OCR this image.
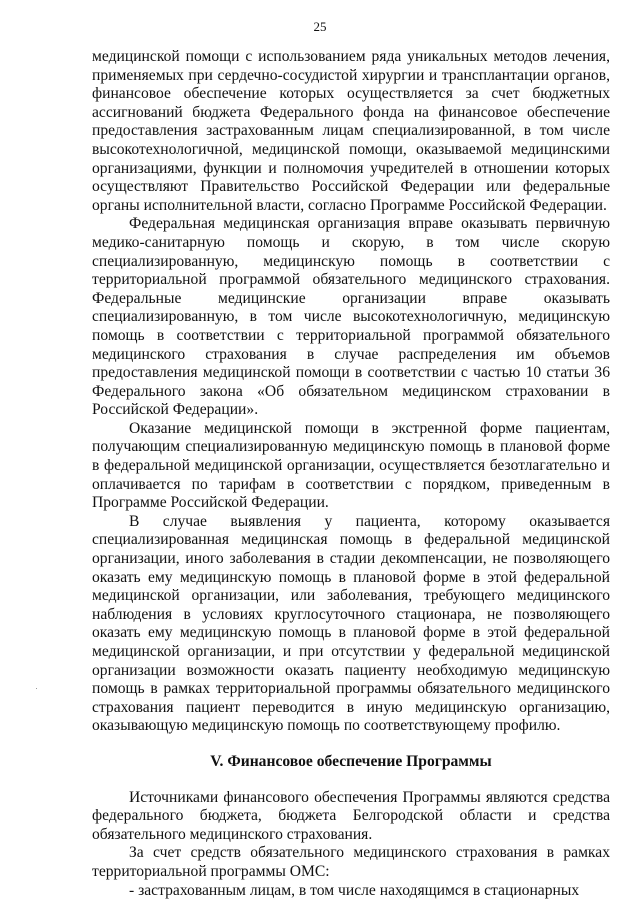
25

медицинской помощи с использованием ряда уникальных методов лечения, применяемых при сердечно-сосудистой хирургии и трансплантации органов, финансовое обеспечение которых осуществляется за счет бюджетных ассигнований бюджета Федерального фонда на финансовое обеспечение предоставления застрахованным лицам специализированной, в том числе высокотехнологичной, медицинской помощи, оказываемой медицинскими организациями, функции и полномочия учредителей в отношении которых осуществляют Правительство Российской Федерации или федеральные органы исполнительной власти, согласно Программе Российской Федерации.

Федеральная медицинская организация вправе оказывать первичную медико-санитарную помощь и скорую, в том числе скорую специализированную, медицинскую помощь в соответствии с территориальной программой обязательного медицинского страхования. Федеральные медицинские организации вправе оказывать специализированную, в том числе высокотехнологичную, медицинскую помощь в соответствии с территориальной программой обязательного медицинского страхования в случае распределения им объемов предоставления медицинской помощи в соответствии с частью 10 статьи 36 Федерального закона «Об обязательном медицинском страховании в Российской Федерации».

Оказание медицинской помощи в экстренной форме пациентам, получающим специализированную медицинскую помощь в плановой форме в федеральной медицинской организации, осуществляется безотлагательно и оплачивается по тарифам в соответствии с порядком, приведенным в Программе Российской Федерации.

В случае выявления у пациента, которому оказывается специализированная медицинская помощь в федеральной медицинской организации, иного заболевания в стадии декомпенсации, не позволяющего оказать ему медицинскую помощь в плановой форме в этой федеральной медицинской организации, или заболевания, требующего медицинского наблюдения в условиях круглосуточного стационара, не позволяющего оказать ему медицинскую помощь в плановой форме в этой федеральной медицинской организации, и при отсутствии у федеральной медицинской организации возможности оказать пациенту необходимую медицинскую помощь в рамках территориальной программы обязательного медицинского страхования пациент переводится в иную медицинскую организацию, оказывающую медицинскую помощь по соответствующему профилю.

V. Финансовое обеспечение Программы

Источниками финансового обеспечения Программы являются средства федерального бюджета, бюджета Белгородской области и средства обязательного медицинского страхования.

За счет средств обязательного медицинского страхования в рамках территориальной программы ОМС:

- застрахованным лицам, в том числе находящимся в стационарных
